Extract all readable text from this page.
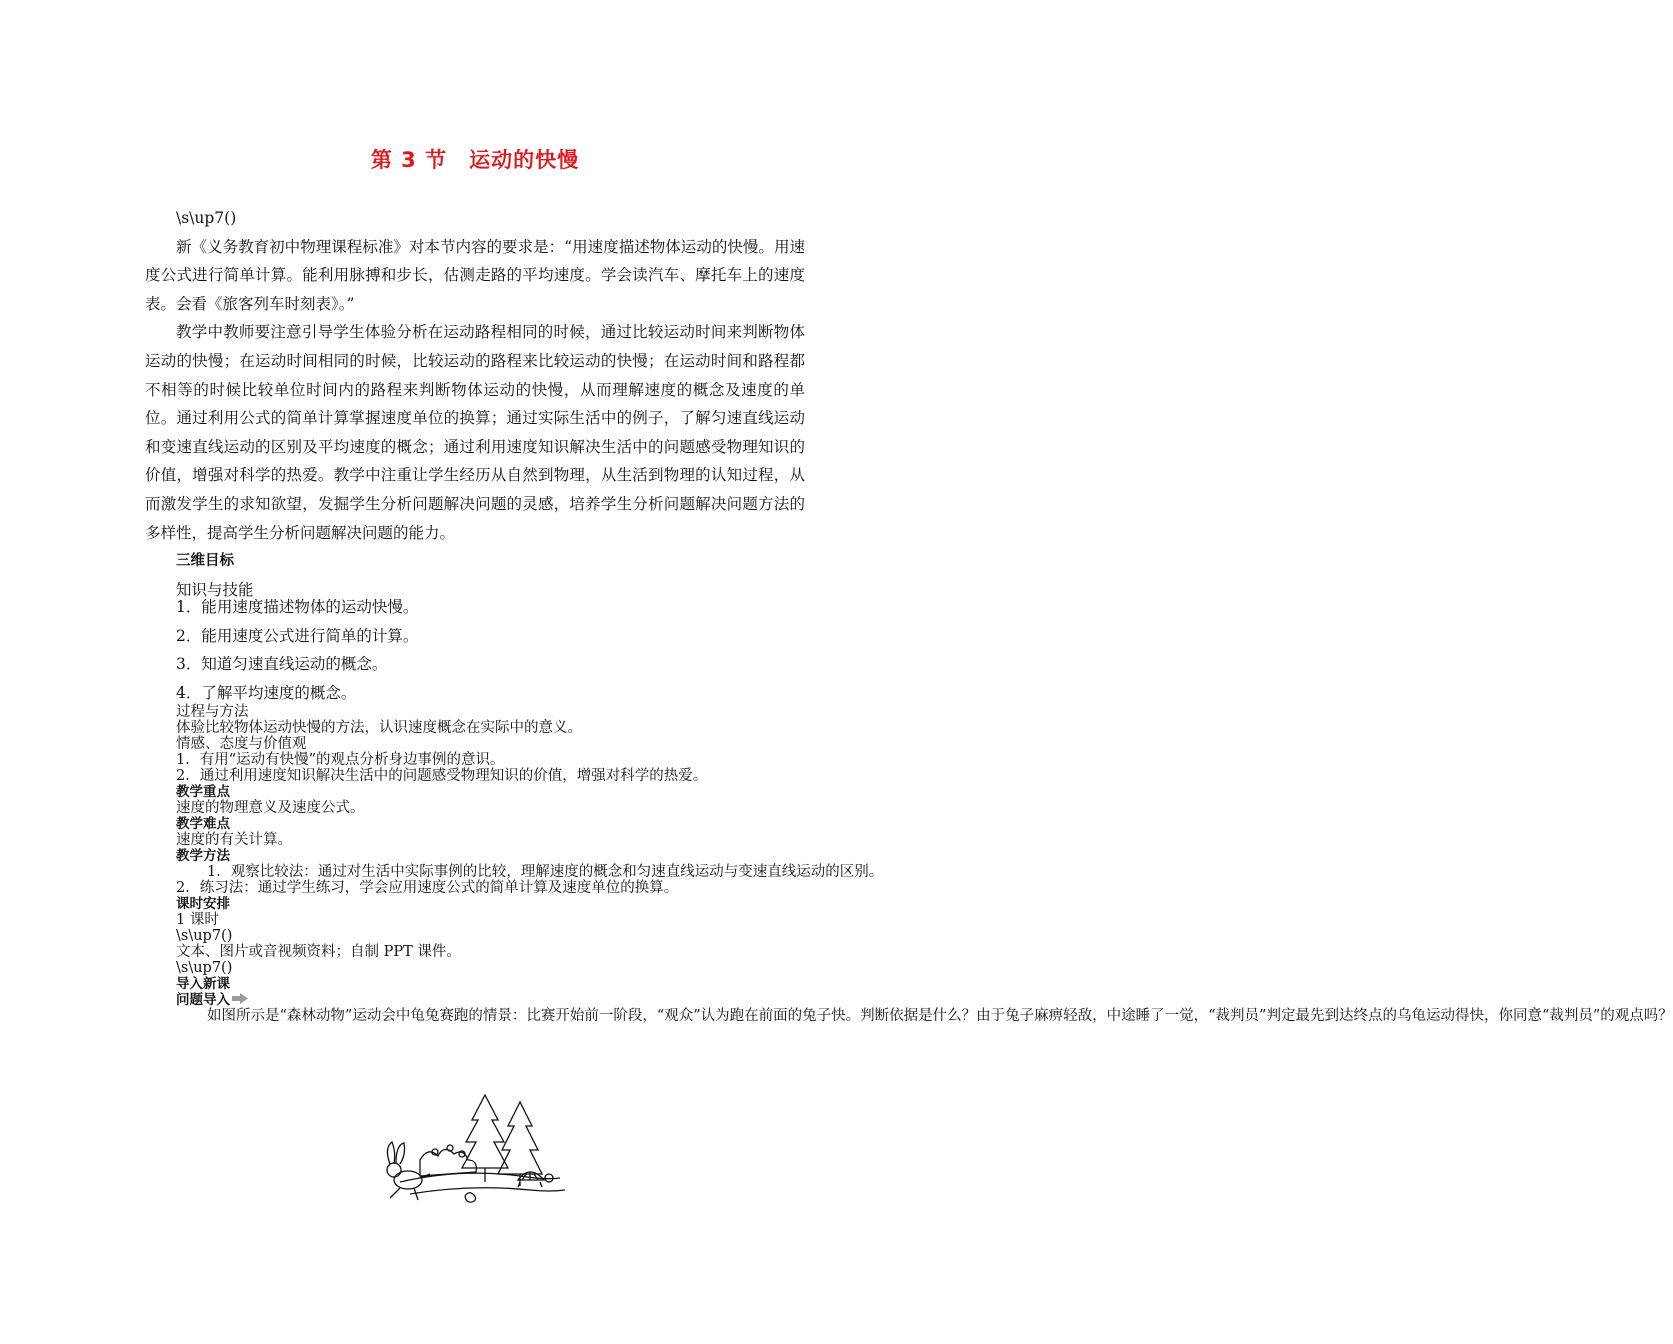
第 3 节 运动的快慢

\s\up7()

新《义务教育初中物理课程标准》对本节内容的要求是：“用速度描述物体运动的快慢。用速度公式进行简单计算。能利用脉搏和步长，估测走路的平均速度。学会读汽车、摩托车上的速度表。会看《旅客列车时刻表》。”

教学中教师要注意引导学生体验分析在运动路程相同的时候，通过比较运动时间来判断物体运动的快慢；在运动时间相同的时候，比较运动的路程来比较运动的快慢；在运动时间和路程都不相等的时候比较单位时间内的路程来判断物体运动的快慢，从而理解速度的概念及速度的单位。通过利用公式的简单计算掌握速度单位的换算；通过实际生活中的例子，了解匀速直线运动和变速直线运动的区别及平均速度的概念；通过利用速度知识解决生活中的问题感受物理知识的价值，增强对科学的热爱。教学中注重让学生经历从自然到物理，从生活到物理的认知过程，从而激发学生的求知欲望，发掘学生分析问题解决问题的灵感，培养学生分析问题解决问题方法的多样性，提高学生分析问题解决问题的能力。

三维目标
知识与技能
1．能用速度描述物体的运动快慢。
2．能用速度公式进行简单的计算。
3．知道匀速直线运动的概念。
4．了解平均速度的概念。
过程与方法
体验比较物体运动快慢的方法，认识速度概念在实际中的意义。
情感、态度与价值观
1．有用“运动有快慢”的观点分析身边事例的意识。
2．通过利用速度知识解决生活中的问题感受物理知识的价值，增强对科学的热爱。
教学重点
速度的物理意义及速度公式。
教学难点
速度的有关计算。
教学方法
1．观察比较法：通过对生活中实际事例的比较，理解速度的概念和匀速直线运动与变速直线运动的区别。
2．练习法：通过学生练习，学会应用速度公式的简单计算及速度单位的换算。
课时安排
1 课时
\s\up7()
文本、图片或音视频资料；自制 PPT 课件。
\s\up7()
导入新课
问题导入
如图所示是“森林动物”运动会中龟兔赛跑的情景：比赛开始前一阶段，“观众”认为跑在前面的兔子快。判断依据是什么？由于兔子麻痹轻敌，中途睡了一觉，“裁判员”判定最先到达终点的乌龟运动得快，你同意“裁判员”的观点吗？
